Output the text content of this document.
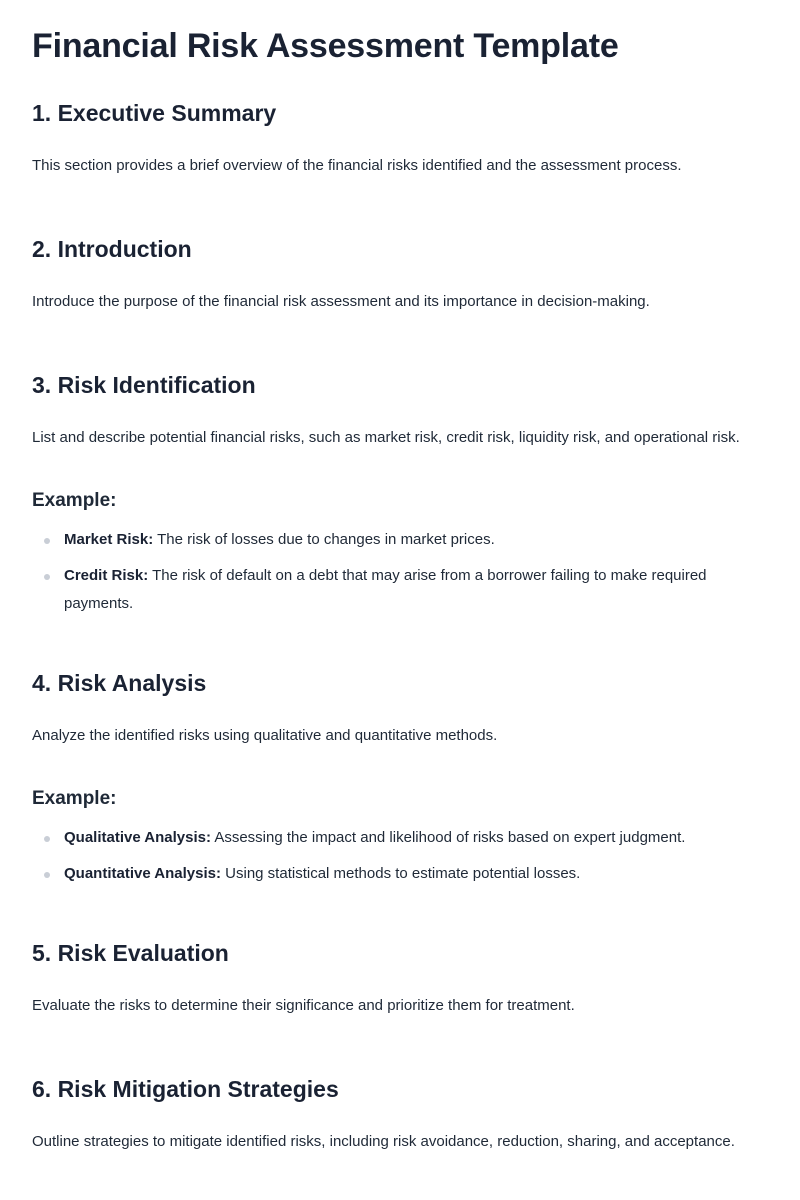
Financial Risk Assessment Template
1. Executive Summary

This section provides a brief overview of the financial risks identified and the assessment process.

2. Introduction

Introduce the purpose of the financial risk assessment and its importance in decision-making.

3. Risk Identification

List and describe potential financial risks, such as market risk, credit risk, liquidity risk, and operational risk.

Example:
Market Risk: The risk of losses due to changes in market prices.
Credit Risk: The risk of default on a debt that may arise from a borrower failing to make required payments.
4. Risk Analysis

Analyze the identified risks using qualitative and quantitative methods.

Example:
Qualitative Analysis: Assessing the impact and likelihood of risks based on expert judgment.
Quantitative Analysis: Using statistical methods to estimate potential losses.
5. Risk Evaluation

Evaluate the risks to determine their significance and prioritize them for treatment.

6. Risk Mitigation Strategies

Outline strategies to mitigate identified risks, including risk avoidance, reduction, sharing, and acceptance.
